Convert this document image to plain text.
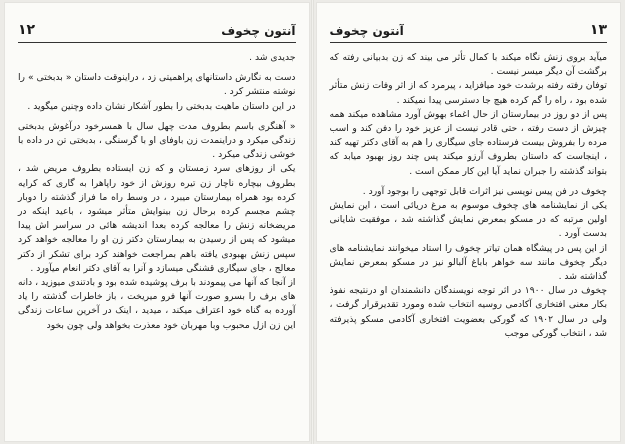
آنتون چخوف
١٢

جدیدی شد .

دست به نگارش داستانهای پراهمیتی زد ، دراینوقت داستان « بدبختی » را نوشته منتشر کرد .

در این داستان ماهیت بدبختی را بطور آشکار نشان داده وچنین میگوید .

« آهنگری باسم بطروف مدت چهل سال با همسرخود درآغوش بدبختی زندگی میکرد و دراینمدت زن باوفای او با گرسنگی ، بدبختی تن در داده با خوشی زندگی میکرد .

یکی از روزهای سرد زمستان و که زن ایستاده بطروف مریض شد ، بطروف بیچاره ناچار زن تیره روزش از خود راپاهرا به گاری که کرایه کرده بود همراه بیمارستان میبرد ، در وسط راه ما فراز گذشته را دوبار چشم مجسم کرده برحال زن بینوایش متأثر میشود ، باعید اینکه در مریضخانه زنش را معالجه کرده بعدا اندیشه هائی در سراسر اش پیدا میشود که پس از رسیدن به بیمارستان دکتر زن او را معالجه خواهد کرد سپس زنش بهبودی یافته باهم بمراجعت خواهند کرد برای تشکر از دکتر معالج ، جای سیگاری قشنگی میسازد و آنرا به آقای دکتر انعام میآورد .

از آنجا که آنها می پیمودند با برف پوشیده شده بود و بادتندی میوزید ، دانه های برف را بسرو صورت آنها فرو میریخت ، باز خاطرات گذشته را یاد آورده به گناه خود اعتراف میکند ، میدید ، اینک در آخرین ساعات زندگی این زن ازل محبوب وبا مهربان خود معذرت بخواهد ولی چون بخود

١٣
آنتون چخوف

میآید بروی زنش نگاه میکند با کمال تأثر می بیند که زن بدبیانی رفته که برگشت آن دیگر میسر نیست .

توفان رفته رفته برشدت خود میافزاید ، پیرمرد که از اثر وفات زنش متأثر شده بود ، راه را گم کرده هیچ جا دسترسی پیدا نمیکند .

پس از دو روز در بیمارستان از حال اغماء بهوش آورد مشاهده میکند همه چیزش از دست رفته ، حتی قادر نیست از عزیز خود را دفن کند و اسب مرده را بفروش بیست فرستاده جای سیگاری را هم به آقای دکتر تهیه کند ، اینجاست که داستان بطروف آرزو میکند پس چند روز بهبود میابد که بتواند گذشته را جبران نماید آیا این کار ممکن است .

چخوف در فن پیس نویسی نیز اثرات قابل توجهی را بوجود آورد .

یکی از نمایشنامه های چخوف موسوم به مرغ دریائی است ، این نمایش اولین مرتبه که در مسکو بمعرض نمایش گذاشته شد ، موفقیت شایانی بدست آورد .

از این پس در پیشگاه همان تیاتر چخوف را استاد میخوانند نمایشنامه های دیگر چخوف مانند سه خواهر باباغ آلبالو نیز در مسکو بمعرض نمایش گذاشته شد .

چخوف در سال ١٩٠٠ در اثر توجه نویسندگان دانشمندان او درنتیجه نفوذ بکار معنی افتخاری آکادمی روسیه انتخاب شده ومورد تقدیرقرار گرفت ، ولی در سال ١٩٠٢ که گورکی بعضویت افتخاری آکادمی مسکو پذیرفته شد ، انتخاب گورکی موجب
